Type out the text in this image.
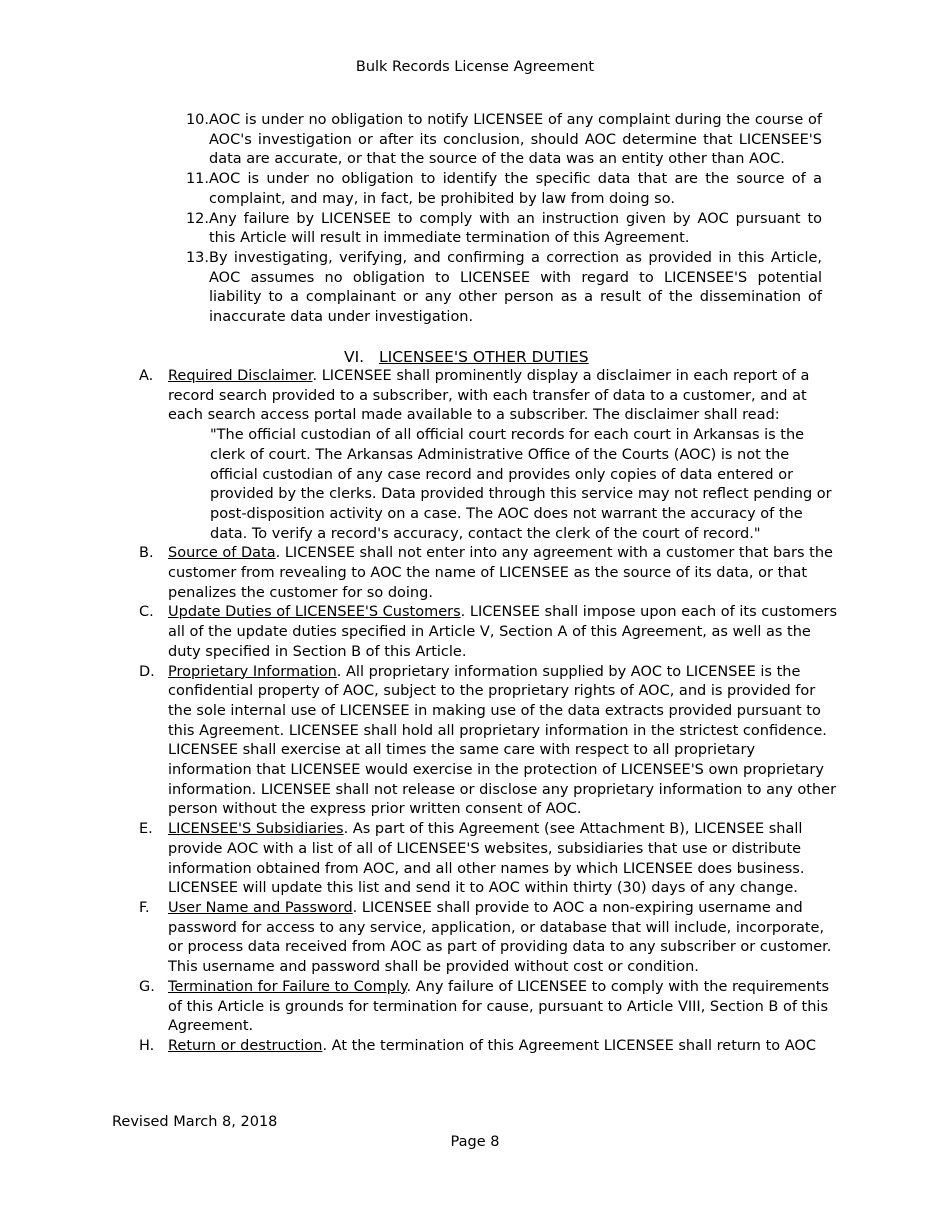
Bulk Records License Agreement
10. AOC is under no obligation to notify LICENSEE of any complaint during the course of AOC's investigation or after its conclusion, should AOC determine that LICENSEE'S data are accurate, or that the source of the data was an entity other than AOC.
11. AOC is under no obligation to identify the specific data that are the source of a complaint, and may, in fact, be prohibited by law from doing so.
12. Any failure by LICENSEE to comply with an instruction given by AOC pursuant to this Article will result in immediate termination of this Agreement.
13. By investigating, verifying, and confirming a correction as provided in this Article, AOC assumes no obligation to LICENSEE with regard to LICENSEE'S potential liability to a complainant or any other person as a result of the dissemination of inaccurate data under investigation.
VI. LICENSEE'S OTHER DUTIES
A.	Required Disclaimer. LICENSEE shall prominently display a disclaimer in each report of a record search provided to a subscriber, with each transfer of data to a customer, and at each search access portal made available to a subscriber. The disclaimer shall read:
"The official custodian of all official court records for each court in Arkansas is the clerk of court. The Arkansas Administrative Office of the Courts (AOC) is not the official custodian of any case record and provides only copies of data entered or provided by the clerks. Data provided through this service may not reflect pending or post-disposition activity on a case. The AOC does not warrant the accuracy of the data. To verify a record's accuracy, contact the clerk of the court of record."
B. Source of Data. LICENSEE shall not enter into any agreement with a customer that bars the customer from revealing to AOC the name of LICENSEE as the source of its data, or that penalizes the customer for so doing.
C. Update Duties of LICENSEE'S Customers. LICENSEE shall impose upon each of its customers all of the update duties specified in Article V, Section A of this Agreement, as well as the duty specified in Section B of this Article.
D. Proprietary Information. All proprietary information supplied by AOC to LICENSEE is the confidential property of AOC, subject to the proprietary rights of AOC, and is provided for the sole internal use of LICENSEE in making use of the data extracts provided pursuant to this Agreement. LICENSEE shall hold all proprietary information in the strictest confidence. LICENSEE shall exercise at all times the same care with respect to all proprietary information that LICENSEE would exercise in the protection of LICENSEE'S own proprietary information. LICENSEE shall not release or disclose any proprietary information to any other person without the express prior written consent of AOC.
E.	LICENSEE'S Subsidiaries. As part of this Agreement (see Attachment B), LICENSEE shall provide AOC with a list of all of LICENSEE'S websites, subsidiaries that use or distribute information obtained from AOC, and all other names by which LICENSEE does business. LICENSEE will update this list and send it to AOC within thirty (30) days of any change.
F.	User Name and Password. LICENSEE shall provide to AOC a non-expiring username and password for access to any service, application, or database that will include, incorporate, or process data received from AOC as part of providing data to any subscriber or customer. This username and password shall be provided without cost or condition.
G. Termination for Failure to Comply. Any failure of LICENSEE to comply with the requirements of this Article is grounds for termination for cause, pursuant to Article VIII, Section B of this Agreement.
H. Return or destruction. At the termination of this Agreement LICENSEE shall return to AOC
Revised March 8, 2018
Page 8
